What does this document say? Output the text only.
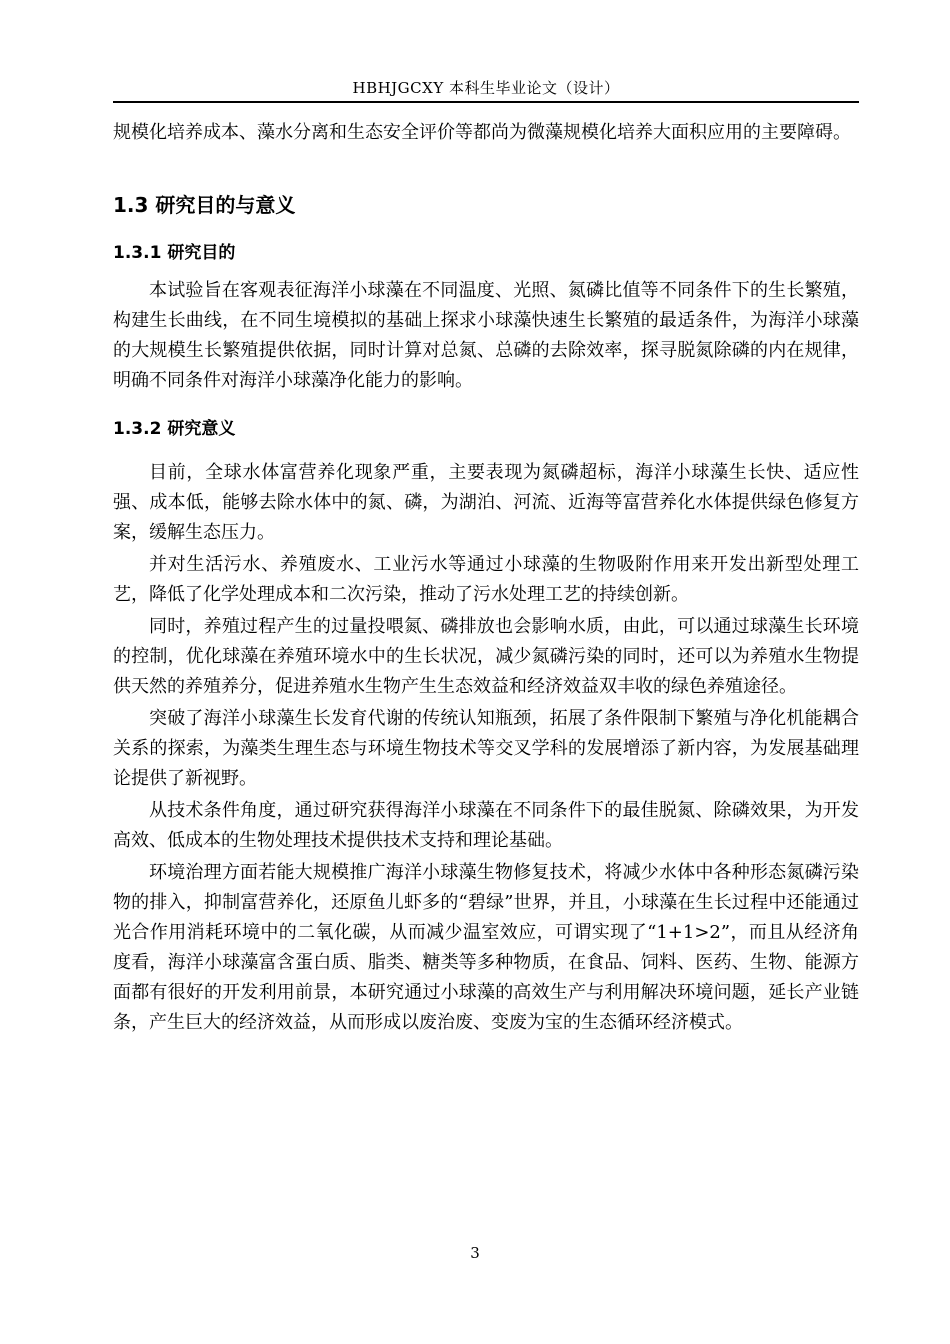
HBHJGCXY 本科生毕业论文（设计）

规模化培养成本、藻水分离和生态安全评价等都尚为微藻规模化培养大面积应用的主要障碍。

1.3 研究目的与意义
1.3.1 研究目的

本试验旨在客观表征海洋小球藻在不同温度、光照、氮磷比值等不同条件下的生长繁殖，构建生长曲线，在不同生境模拟的基础上探求小球藻快速生长繁殖的最适条件，为海洋小球藻的大规模生长繁殖提供依据，同时计算对总氮、总磷的去除效率，探寻脱氮除磷的内在规律，明确不同条件对海洋小球藻净化能力的影响。

1.3.2 研究意义

目前，全球水体富营养化现象严重，主要表现为氮磷超标，海洋小球藻生长快、适应性强、成本低，能够去除水体中的氮、磷，为湖泊、河流、近海等富营养化水体提供绿色修复方案，缓解生态压力。

并对生活污水、养殖废水、工业污水等通过小球藻的生物吸附作用来开发出新型处理工艺，降低了化学处理成本和二次污染，推动了污水处理工艺的持续创新。

同时，养殖过程产生的过量投喂氮、磷排放也会影响水质，由此，可以通过球藻生长环境的控制，优化球藻在养殖环境水中的生长状况，减少氮磷污染的同时，还可以为养殖水生物提供天然的养殖养分，促进养殖水生物产生生态效益和经济效益双丰收的绿色养殖途径。

突破了海洋小球藻生长发育代谢的传统认知瓶颈，拓展了条件限制下繁殖与净化机能耦合关系的探索，为藻类生理生态与环境生物技术等交叉学科的发展增添了新内容，为发展基础理论提供了新视野。

从技术条件角度，通过研究获得海洋小球藻在不同条件下的最佳脱氮、除磷效果，为开发高效、低成本的生物处理技术提供技术支持和理论基础。

环境治理方面若能大规模推广海洋小球藻生物修复技术，将减少水体中各种形态氮磷污染物的排入，抑制富营养化，还原鱼儿虾多的“碧绿”世界，并且，小球藻在生长过程中还能通过光合作用消耗环境中的二氧化碳，从而减少温室效应，可谓实现了“1+1>2”，而且从经济角度看，海洋小球藻富含蛋白质、脂类、糖类等多种物质，在食品、饲料、医药、生物、能源方面都有很好的开发利用前景，本研究通过小球藻的高效生产与利用解决环境问题，延长产业链条，产生巨大的经济效益，从而形成以废治废、变废为宝的生态循环经济模式。

3
